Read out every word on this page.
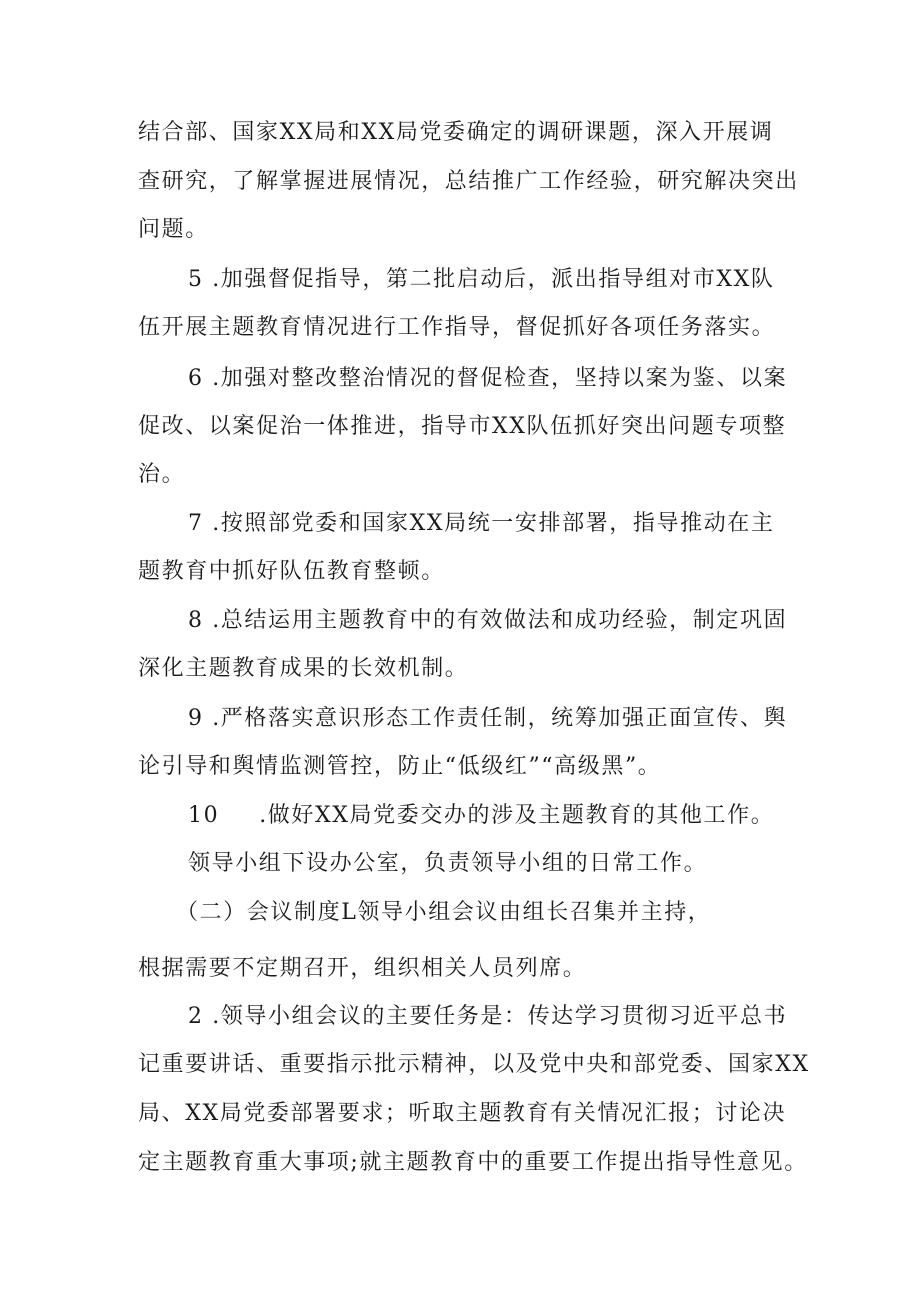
结合部、国家XX局和XX局党委确定的调研课题，深入开展调
查研究，了解掌握进展情况，总结推广工作经验，研究解决突出
问题。
5 .加强督促指导，第二批启动后，派出指导组对市XX队
伍开展主题教育情况进行工作指导，督促抓好各项任务落实。
6 .加强对整改整治情况的督促检查，坚持以案为鉴、以案
促改、以案促治一体推进，指导市XX队伍抓好突出问题专项整
治。
7 .按照部党委和国家XX局统一安排部署，指导推动在主
题教育中抓好队伍教育整顿。
8 .总结运用主题教育中的有效做法和成功经验，制定巩固
深化主题教育成果的长效机制。
9 .严格落实意识形态工作责任制，统筹加强正面宣传、舆
论引导和舆情监测管控，防止“低级红”“高级黑”。
10 .做好XX局党委交办的涉及主题教育的其他工作。
领导小组下设办公室，负责领导小组的日常工作。
（二）会议制度L领导小组会议由组长召集并主持，
根据需要不定期召开，组织相关人员列席。
2 .领导小组会议的主要任务是：传达学习贯彻习近平总书
记重要讲话、重要指示批示精神，以及党中央和部党委、国家XX
局、XX局党委部署要求；听取主题教育有关情况汇报；讨论决
定主题教育重大事项;就主题教育中的重要工作提出指导性意见。
